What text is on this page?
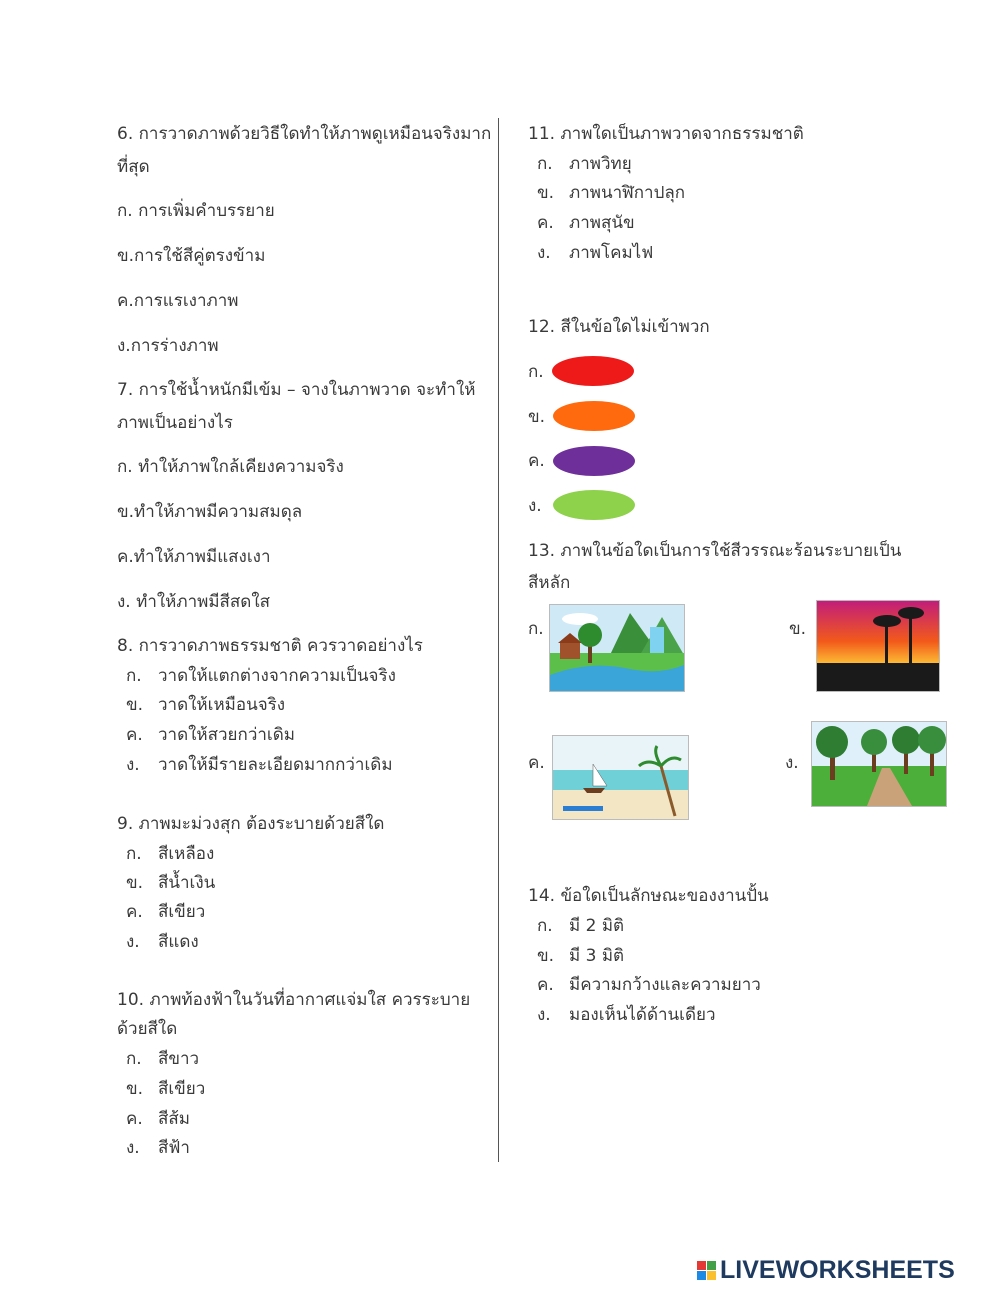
6. การวาดภาพด้วยวิธีใดทำให้ภาพดูเหมือนจริงมาก
ที่สุด
ก. การเพิ่มคำบรรยาย
ข.การใช้สีคู่ตรงข้าม
ค.การแรเงาภาพ
ง.การร่างภาพ
7. การใช้น้ำหนักมีเข้ม – จางในภาพวาด จะทำให้
ภาพเป็นอย่างไร
ก. ทำให้ภาพใกล้เคียงความจริง
ข.ทำให้ภาพมีความสมดุล
ค.ทำให้ภาพมีแสงเงา
ง. ทำให้ภาพมีสีสดใส
8. การวาดภาพธรรมชาติ ควรวาดอย่างไร
ก. วาดให้แตกต่างจากความเป็นจริง
ข. วาดให้เหมือนจริง
ค. วาดให้สวยกว่าเดิม
ง. วาดให้มีรายละเอียดมากกว่าเดิม
9. ภาพมะม่วงสุก ต้องระบายด้วยสีใด
ก. สีเหลือง
ข. สีน้ำเงิน
ค. สีเขียว
ง. สีแดง
10. ภาพท้องฟ้าในวันที่อากาศแจ่มใส ควรระบาย
ด้วยสีใด
ก. สีขาว
ข. สีเขียว
ค. สีส้ม
ง. สีฟ้า
11. ภาพใดเป็นภาพวาดจากธรรมชาติ
ก. ภาพวิทยุ
ข. ภาพนาฬิกาปลุก
ค. ภาพสุนัข
ง. ภาพโคมไฟ
12. สีในข้อใดไม่เข้าพวก
ก.
ข.
ค.
ง.
13. ภาพในข้อใดเป็นการใช้สีวรรณะร้อนระบายเป็น
สีหลัก
ก.	ข.
ค.	ง.
14. ข้อใดเป็นลักษณะของงานปั้น
ก. มี 2 มิติ
ข. มี 3 มิติ
ค. มีความกว้างและความยาว
ง. มองเห็นได้ด้านเดียว
LIVEWORKSHEETS
